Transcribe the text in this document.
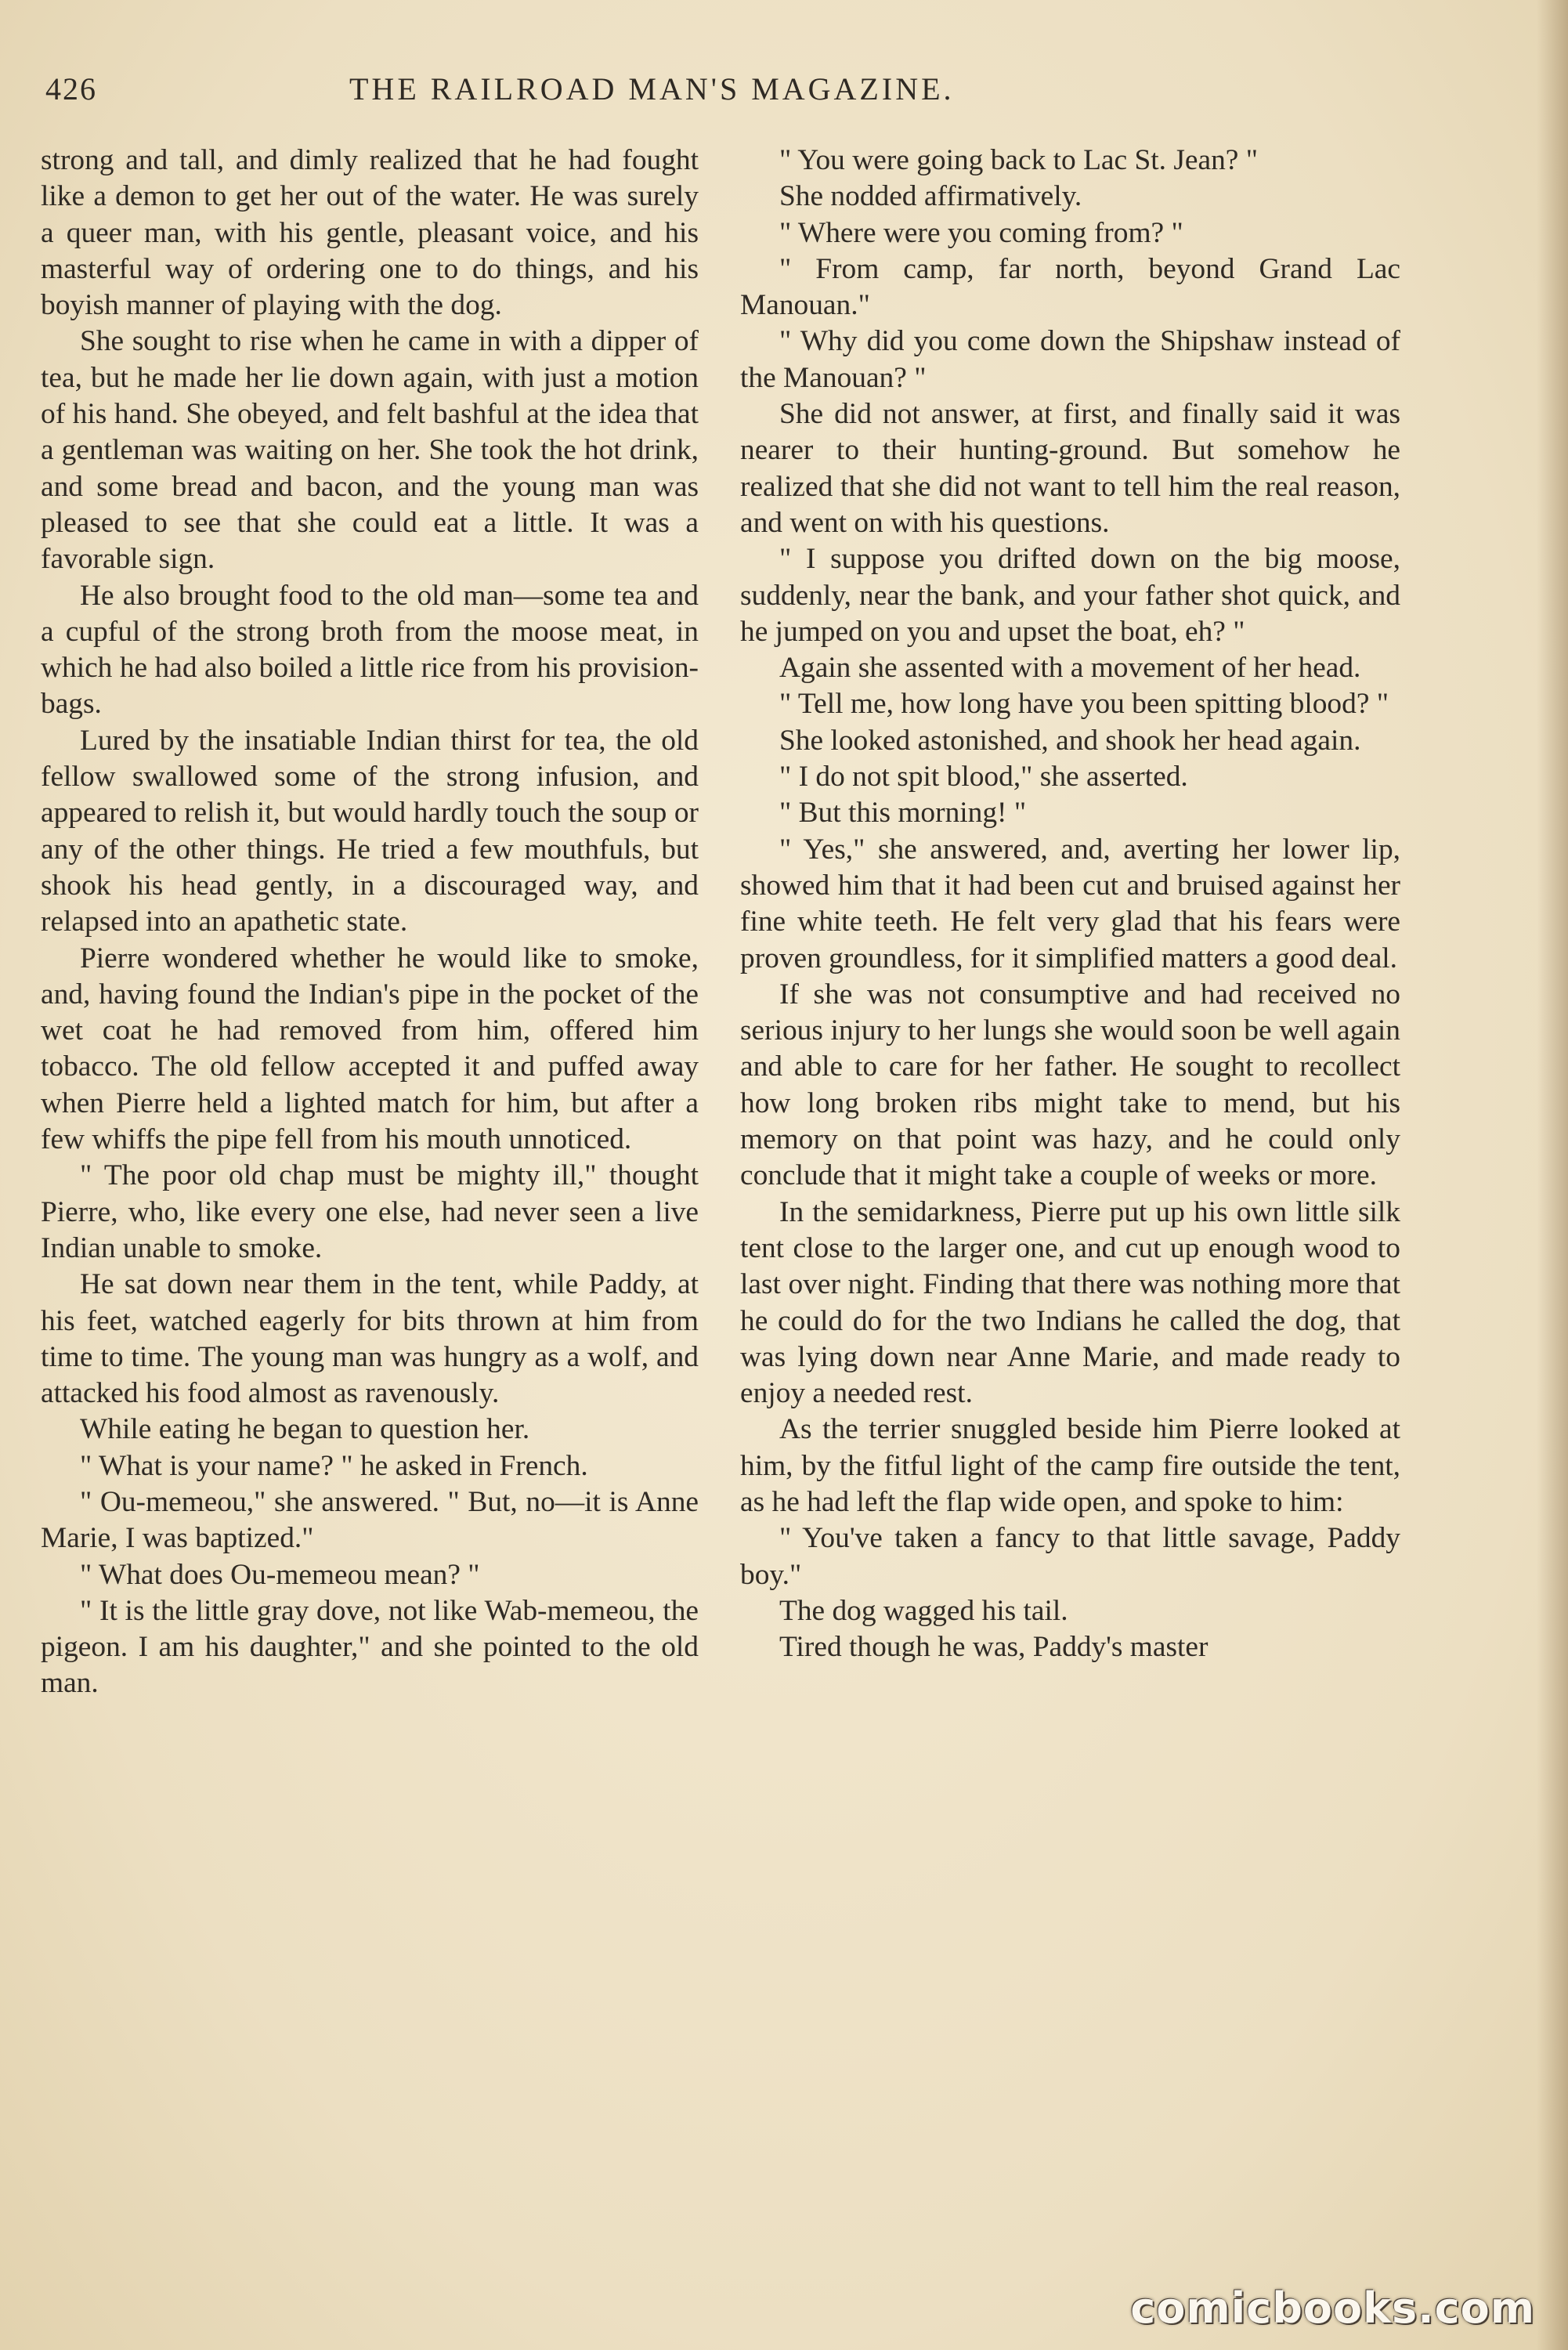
426	THE RAILROAD MAN'S MAGAZINE.

strong and tall, and dimly realized that he had fought like a demon to get her out of the water. He was surely a queer man, with his gentle, pleasant voice, and his masterful way of ordering one to do things, and his boyish manner of playing with the dog.

She sought to rise when he came in with a dipper of tea, but he made her lie down again, with just a motion of his hand. She obeyed, and felt bashful at the idea that a gentleman was waiting on her. She took the hot drink, and some bread and bacon, and the young man was pleased to see that she could eat a little. It was a favorable sign.

He also brought food to the old man—some tea and a cupful of the strong broth from the moose meat, in which he had also boiled a little rice from his provision-bags.

Lured by the insatiable Indian thirst for tea, the old fellow swallowed some of the strong infusion, and appeared to relish it, but would hardly touch the soup or any of the other things. He tried a few mouthfuls, but shook his head gently, in a discouraged way, and relapsed into an apathetic state.

Pierre wondered whether he would like to smoke, and, having found the Indian's pipe in the pocket of the wet coat he had removed from him, offered him tobacco. The old fellow accepted it and puffed away when Pierre held a lighted match for him, but after a few whiffs the pipe fell from his mouth unnoticed.

" The poor old chap must be mighty ill," thought Pierre, who, like every one else, had never seen a live Indian unable to smoke.

He sat down near them in the tent, while Paddy, at his feet, watched eagerly for bits thrown at him from time to time. The young man was hungry as a wolf, and attacked his food almost as ravenously.

While eating he began to question her.

" What is your name? " he asked in French.

" Ou-memeou," she answered. " But, no—it is Anne Marie, I was baptized."

" What does Ou-memeou mean? "

" It is the little gray dove, not like Wab-memeou, the pigeon. I am his daughter," and she pointed to the old man.

" You were going back to Lac St. Jean? "

She nodded affirmatively.

" Where were you coming from? "

" From camp, far north, beyond Grand Lac Manouan."

" Why did you come down the Shipshaw instead of the Manouan? "

She did not answer, at first, and finally said it was nearer to their hunting-ground. But somehow he realized that she did not want to tell him the real reason, and went on with his questions.

" I suppose you drifted down on the big moose, suddenly, near the bank, and your father shot quick, and he jumped on you and upset the boat, eh? "

Again she assented with a movement of her head.

" Tell me, how long have you been spitting blood? "

She looked astonished, and shook her head again.

" I do not spit blood," she asserted.

" But this morning! "

" Yes," she answered, and, averting her lower lip, showed him that it had been cut and bruised against her fine white teeth. He felt very glad that his fears were proven groundless, for it simplified matters a good deal.

If she was not consumptive and had received no serious injury to her lungs she would soon be well again and able to care for her father. He sought to recollect how long broken ribs might take to mend, but his memory on that point was hazy, and he could only conclude that it might take a couple of weeks or more.

In the semidarkness, Pierre put up his own little silk tent close to the larger one, and cut up enough wood to last over night. Finding that there was nothing more that he could do for the two Indians he called the dog, that was lying down near Anne Marie, and made ready to enjoy a needed rest.

As the terrier snuggled beside him Pierre looked at him, by the fitful light of the camp fire outside the tent, as he had left the flap wide open, and spoke to him:

" You've taken a fancy to that little savage, Paddy boy."

The dog wagged his tail.

Tired though he was, Paddy's master

comicbooks.com
